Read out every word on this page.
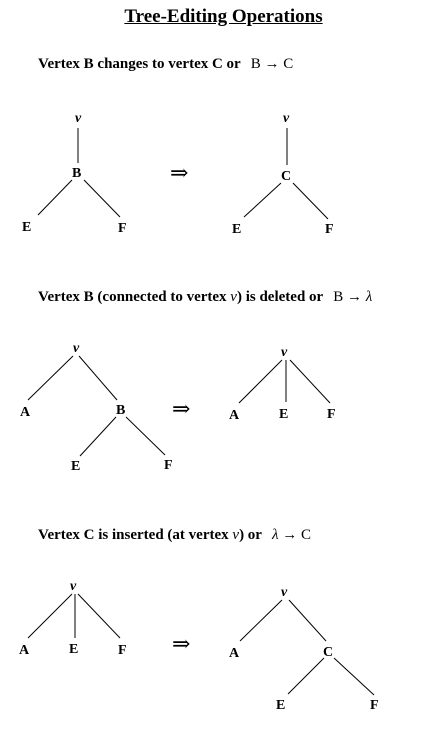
Tree-Editing Operations
Vertex B changes to vertex C or B → C
Vertex B (connected to vertex v) is deleted or B → λ
Vertex C is inserted (at vertex v) or λ → C
v
B
E	F
⇒
v
C
E	F
v
A	B
E	F
⇒
v
A	E	F
v
A	E	F ⇒
v
A	C
E	F
